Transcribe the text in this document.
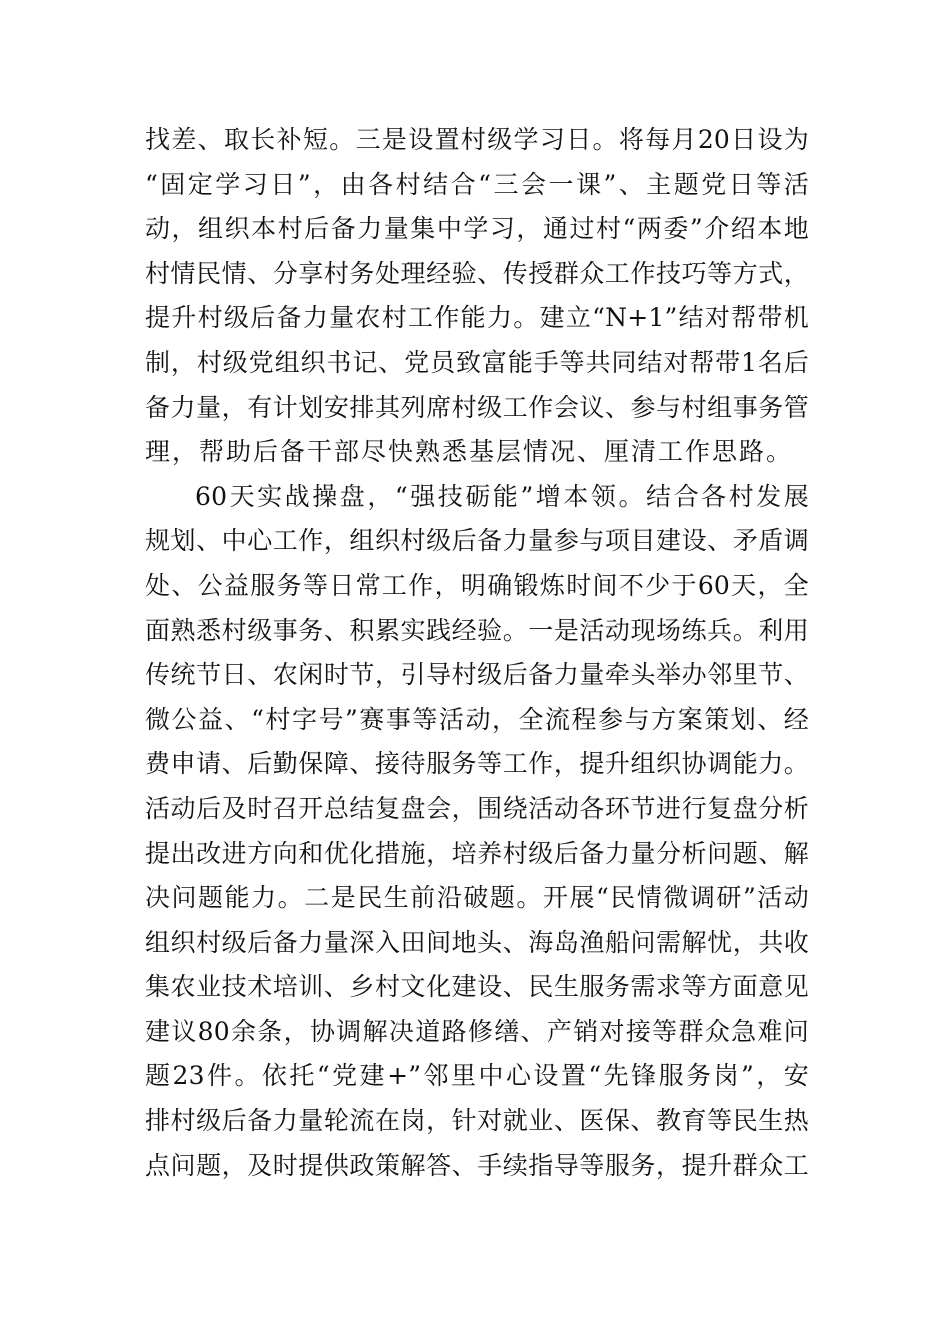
找差、取长补短。三是设置村级学习日。将每月20日设为
“固定学习日”，由各村结合“三会一课”、主题党日等活
动，组织本村后备力量集中学习，通过村“两委”介绍本地
村情民情、分享村务处理经验、传授群众工作技巧等方式，
提升村级后备力量农村工作能力。建立“N+1”结对帮带机
制，村级党组织书记、党员致富能手等共同结对帮带1名后
备力量，有计划安排其列席村级工作会议、参与村组事务管
理，帮助后备干部尽快熟悉基层情况、厘清工作思路。
60天实战操盘，“强技砺能”增本领。结合各村发展
规划、中心工作，组织村级后备力量参与项目建设、矛盾调
处、公益服务等日常工作，明确锻炼时间不少于60天，全
面熟悉村级事务、积累实践经验。一是活动现场练兵。利用
传统节日、农闲时节，引导村级后备力量牵头举办邻里节、
微公益、“村字号”赛事等活动，全流程参与方案策划、经
费申请、后勤保障、接待服务等工作，提升组织协调能力。
活动后及时召开总结复盘会，围绕活动各环节进行复盘分析
提出改进方向和优化措施，培养村级后备力量分析问题、解
决问题能力。二是民生前沿破题。开展“民情微调研”活动
组织村级后备力量深入田间地头、海岛渔船问需解忧，共收
集农业技术培训、乡村文化建设、民生服务需求等方面意见
建议80余条，协调解决道路修缮、产销对接等群众急难问
题23件。依托“党建+”邻里中心设置“先锋服务岗”，安
排村级后备力量轮流在岗，针对就业、医保、教育等民生热
点问题，及时提供政策解答、手续指导等服务，提升群众工
